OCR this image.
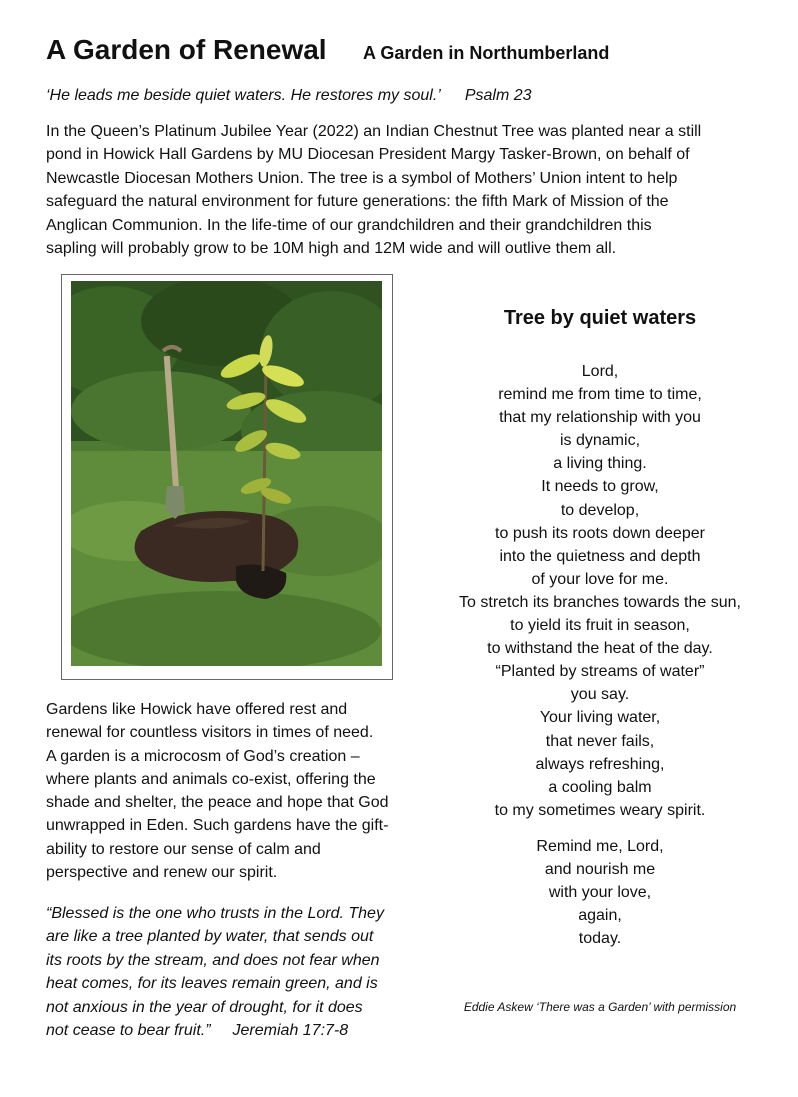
A Garden of Renewal A Garden in Northumberland
‘He leads me beside quiet waters. He restores my soul.’ Psalm 23
In the Queen’s Platinum Jubilee Year (2022) an Indian Chestnut Tree was planted near a still
pond in Howick Hall Gardens by MU Diocesan President Margy Tasker-Brown, on behalf of
Newcastle Diocesan Mothers Union. The tree is a symbol of Mothers’ Union intent to help
safeguard the natural environment for future generations: the fifth Mark of Mission of the
Anglican Communion. In the life-time of our grandchildren and their grandchildren this
sapling will probably grow to be 10M high and 12M wide and will outlive them all.
Gardens like Howick have offered rest and
renewal for countless visitors in times of need.
A garden is a microcosm of God’s creation –
where plants and animals co-exist, offering the
shade and shelter, the peace and hope that God
unwrapped in Eden. Such gardens have the gift-
ability to restore our sense of calm and
perspective and renew our spirit.
“Blessed is the one who trusts in the Lord. They
are like a tree planted by water, that sends out
its roots by the stream, and does not fear when
heat comes, for its leaves remain green, and is
not anxious in the year of drought, for it does
not cease to bear fruit.” Jeremiah 17:7-8
Tree by quiet waters
Lord,
remind me from time to time,
that my relationship with you
is dynamic,
a living thing.
It needs to grow,
to develop,
to push its roots down deeper
into the quietness and depth
of your love for me.
To stretch its branches towards the sun,
to yield its fruit in season,
to withstand the heat of the day.
“Planted by streams of water”
you say.
Your living water,
that never fails,
always refreshing,
a cooling balm
to my sometimes weary spirit.
Remind me, Lord,
and nourish me
with your love,
again,
today.
Eddie Askew ‘There was a Garden’ with permission
